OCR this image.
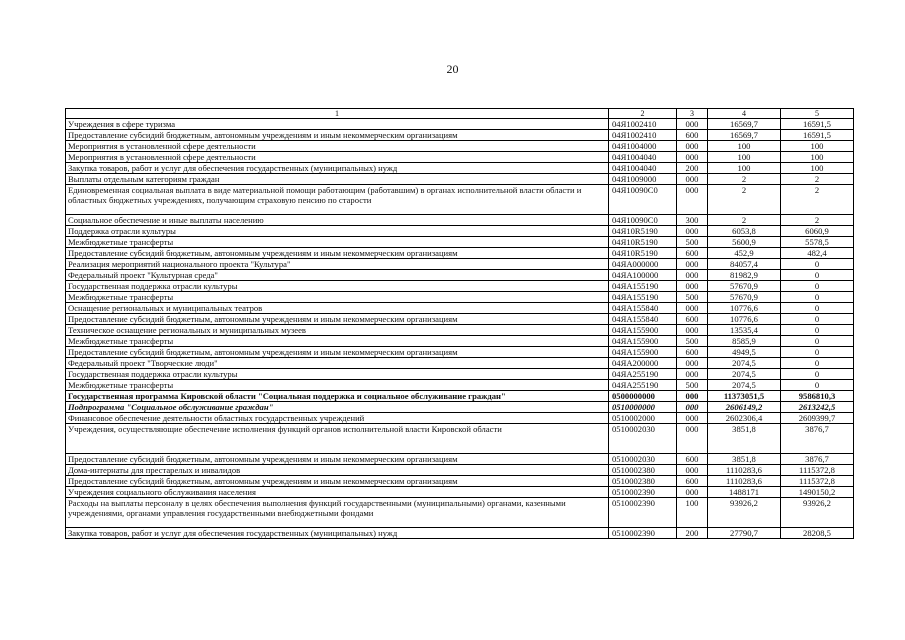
20
1	2	3	4	5
Учреждения в сфере туризма	04Я1002410	000	16569,7	16591,5
Предоставление субсидий бюджетным, автономным учреждениям и иным некоммерческим организациям	04Я1002410	600	16569,7	16591,5
Мероприятия в установленной сфере деятельности	04Я1004000	000	100	100
Мероприятия в установленной сфере деятельности	04Я1004040	000	100	100
Закупка товаров, работ и услуг для обеспечения государственных (муниципальных) нужд	04Я1004040	200	100	100
Выплаты отдельным категориям граждан	04Я1009000	000	2	2
Единовременная социальная выплата в виде материальной помощи работающим (работавшим) в органах исполнительной власти области и областных бюджетных учреждениях, получающим страховую пенсию по старости	04Я10090С0	000	2	2
Социальное обеспечение и иные выплаты населению	04Я10090С0	300	2	2
Поддержка отрасли культуры	04Я10R5190	000	6053,8	6060,9
Межбюджетные трансферты	04Я10R5190	500	5600,9	5578,5
Предоставление субсидий бюджетным, автономным учреждениям и иным некоммерческим организациям	04Я10R5190	600	452,9	482,4
Реализация мероприятий национального проекта "Культура"	04ЯА000000	000	84057,4	0
Федеральный проект "Культурная среда"	04ЯА100000	000	81982,9	0
Государственная поддержка отрасли культуры	04ЯА155190	000	57670,9	0
Межбюджетные трансферты	04ЯА155190	500	57670,9	0
Оснащение региональных и муниципальных театров	04ЯА155840	000	10776,6	0
Предоставление субсидий бюджетным, автономным учреждениям и иным некоммерческим организациям	04ЯА155840	600	10776,6	0
Техническое оснащение региональных и муниципальных музеев	04ЯА155900	000	13535,4	0
Межбюджетные трансферты	04ЯА155900	500	8585,9	0
Предоставление субсидий бюджетным, автономным учреждениям и иным некоммерческим организациям	04ЯА155900	600	4949,5	0
Федеральный проект "Творческие люди"	04ЯА200000	000	2074,5	0
Государственная поддержка отрасли культуры	04ЯА255190	000	2074,5	0
Межбюджетные трансферты	04ЯА255190	500	2074,5	0
Государственная программа Кировской области "Социальная поддержка и социальное обслуживание граждан"	0500000000	000	11373051,5	9586810,3
Подпрограмма "Социальное обслуживание граждан"	0510000000	000	2606149,2	2613242,5
Финансовое обеспечение деятельности областных государственных учреждений	0510002000	000	2602306,4	2609399,7
Учреждения, осуществляющие обеспечение исполнения функций органов исполнительной власти Кировской области	0510002030	000	3851,8	3876,7
Предоставление субсидий бюджетным, автономным учреждениям и иным некоммерческим организациям	0510002030	600	3851,8	3876,7
Дома-интернаты для престарелых и инвалидов	0510002380	000	1110283,6	1115372,8
Предоставление субсидий бюджетным, автономным учреждениям и иным некоммерческим организациям	0510002380	600	1110283,6	1115372,8
Учреждения социального обслуживания населения	0510002390	000	1488171	1490150,2
Расходы на выплаты персоналу в целях обеспечения выполнения функций государственными (муниципальными) органами, казенными учреждениями, органами управления государственными внебюджетными фондами	0510002390	100	93926,2	93926,2
Закупка товаров, работ и услуг для обеспечения государственных (муниципальных) нужд	0510002390	200	27790,7	28208,5
